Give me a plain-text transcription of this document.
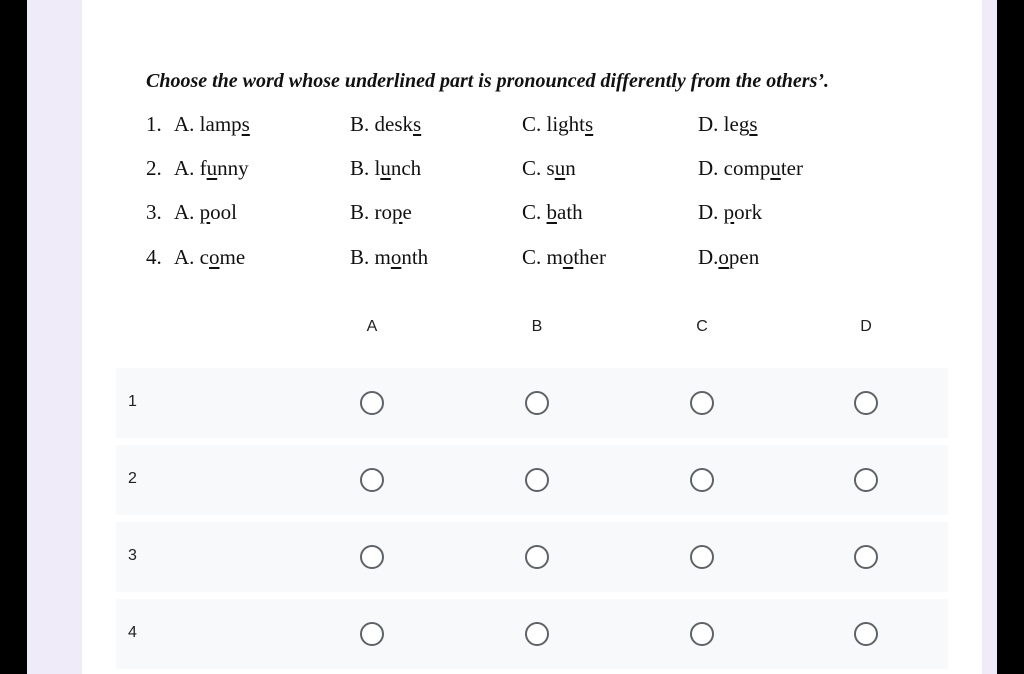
Choose the word whose underlined part is pronounced differently from the others’.
1. A. lamps	B. desks	C. lights	D. legs
2. A. funny	B. lunch	C. sun	D. computer
3. A. pool	B. rope	C. bath	D. pork
4. A. come	B. month	C. mother	D.open
A	B	C	D
1
2
3
4
